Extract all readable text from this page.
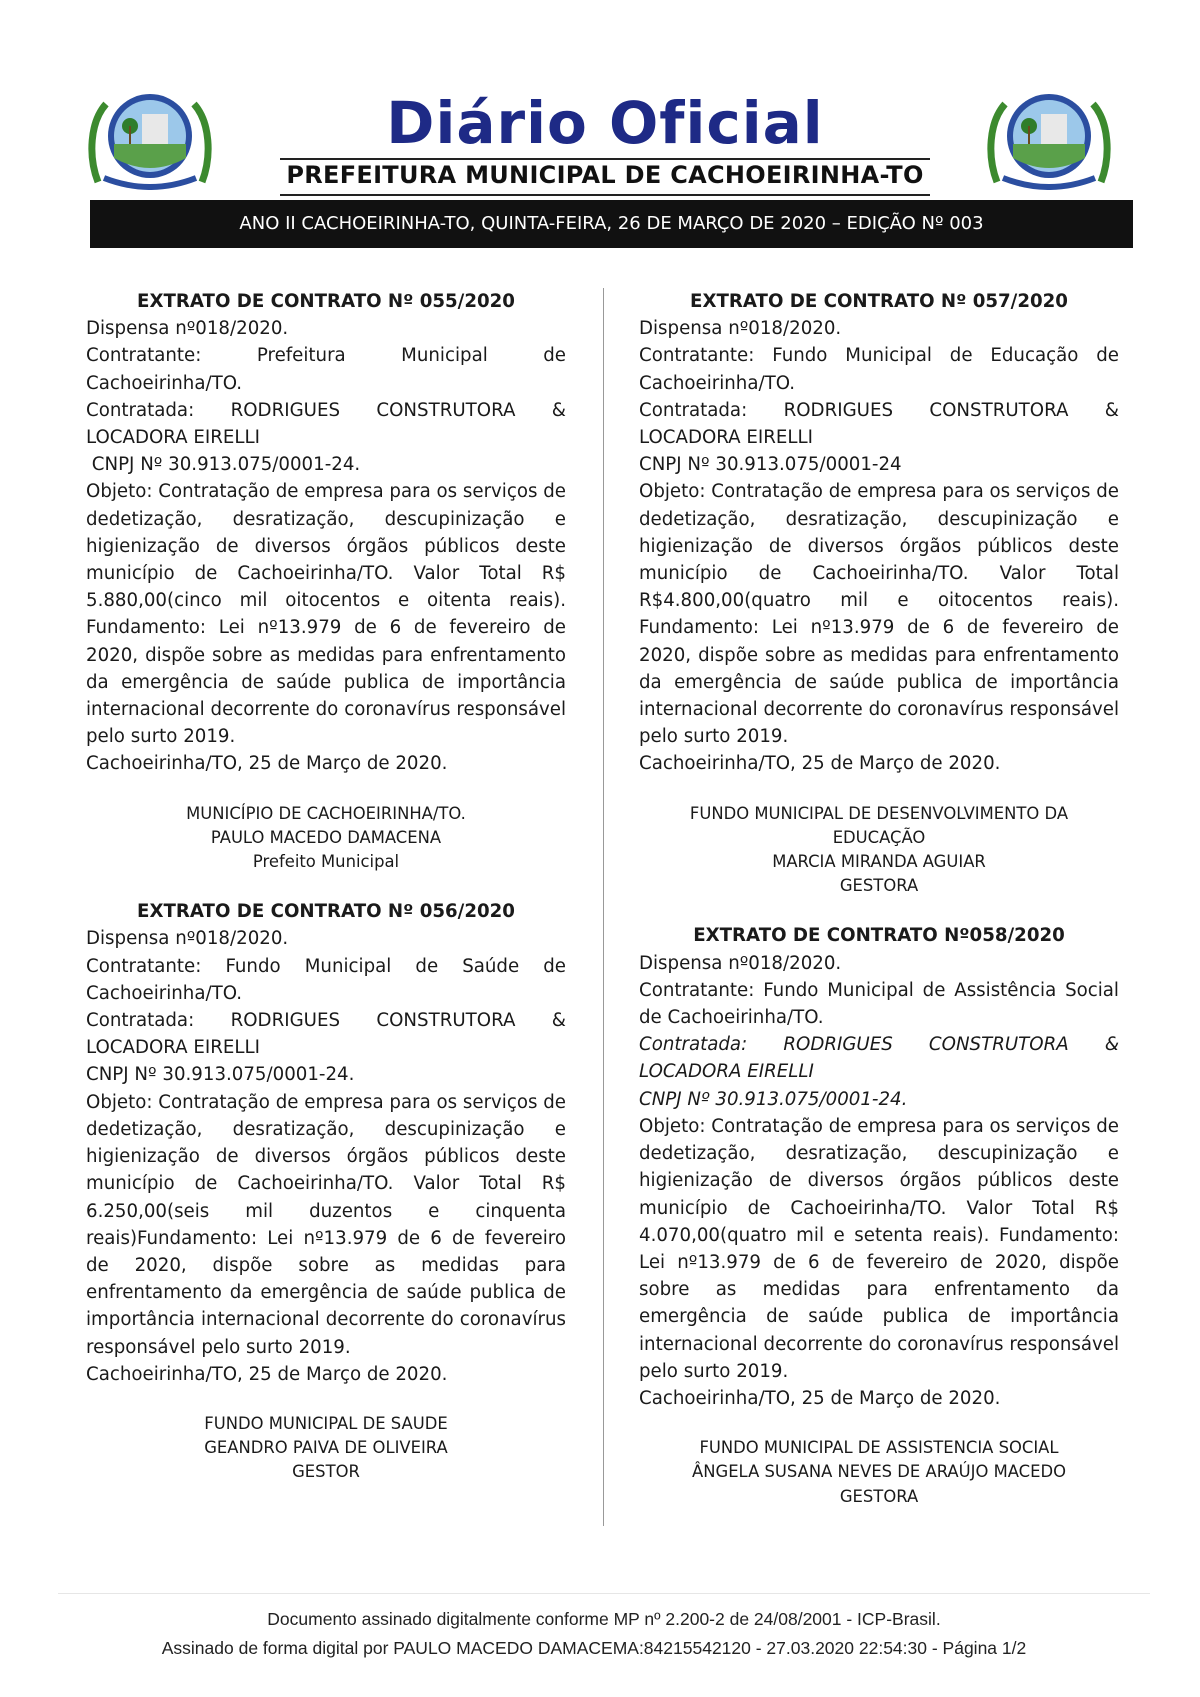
Diário Oficial
PREFEITURA MUNICIPAL DE CACHOEIRINHA-TO
ANO II CACHOEIRINHA-TO, QUINTA-FEIRA, 26 DE MARÇO DE 2020 – EDIÇÃO Nº 003
EXTRATO DE CONTRATO Nº 055/2020

Dispensa nº018/2020.

Contratante: Prefeitura Municipal de
Cachoeirinha/TO.

Contratada: RODRIGUES CONSTRUTORA &
LOCADORA EIRELLI

CNPJ Nº 30.913.075/0001-24.

Objeto: Contratação de empresa para os serviços de dedetização, desratização, descupinização e higienização de diversos órgãos públicos deste município de Cachoeirinha/TO. Valor Total R$ 5.880,00(cinco mil oitocentos e oitenta reais). Fundamento: Lei nº13.979 de 6 de fevereiro de 2020, dispõe sobre as medidas para enfrentamento da emergência de saúde publica de importância internacional decorrente do coronavírus responsável pelo surto 2019.

Cachoeirinha/TO, 25 de Março de 2020.

MUNICÍPIO DE CACHOEIRINHA/TO.
PAULO MACEDO DAMACENA
Prefeito Municipal
EXTRATO DE CONTRATO Nº 056/2020

Dispensa nº018/2020.

Contratante: Fundo Municipal de Saúde de
Cachoeirinha/TO.

Contratada: RODRIGUES CONSTRUTORA &
LOCADORA EIRELLI

CNPJ Nº 30.913.075/0001-24.

Objeto: Contratação de empresa para os serviços de dedetização, desratização, descupinização e higienização de diversos órgãos públicos deste município de Cachoeirinha/TO. Valor Total R$ 6.250,00(seis mil duzentos e cinquenta reais)Fundamento: Lei nº13.979 de 6 de fevereiro de 2020, dispõe sobre as medidas para enfrentamento da emergência de saúde publica de importância internacional decorrente do coronavírus responsável pelo surto 2019.

Cachoeirinha/TO, 25 de Março de 2020.

FUNDO MUNICIPAL DE SAUDE
GEANDRO PAIVA DE OLIVEIRA
GESTOR
EXTRATO DE CONTRATO Nº 057/2020

Dispensa nº018/2020.

Contratante: Fundo Municipal de Educação de
Cachoeirinha/TO.

Contratada: RODRIGUES CONSTRUTORA &
LOCADORA EIRELLI

CNPJ Nº 30.913.075/0001-24

Objeto: Contratação de empresa para os serviços de dedetização, desratização, descupinização e higienização de diversos órgãos públicos deste município de Cachoeirinha/TO. Valor Total R$4.800,00(quatro mil e oitocentos reais). Fundamento: Lei nº13.979 de 6 de fevereiro de 2020, dispõe sobre as medidas para enfrentamento da emergência de saúde publica de importância internacional decorrente do coronavírus responsável pelo surto 2019.

Cachoeirinha/TO, 25 de Março de 2020.

FUNDO MUNICIPAL DE DESENVOLVIMENTO DA
EDUCAÇÃO
MARCIA MIRANDA AGUIAR
GESTORA
EXTRATO DE CONTRATO Nº058/2020

Dispensa nº018/2020.

Contratante: Fundo Municipal de Assistência Social
de Cachoeirinha/TO.

Contratada: RODRIGUES CONSTRUTORA &
LOCADORA EIRELLI

CNPJ Nº 30.913.075/0001-24.

Objeto: Contratação de empresa para os serviços de dedetização, desratização, descupinização e higienização de diversos órgãos públicos deste município de Cachoeirinha/TO. Valor Total R$ 4.070,00(quatro mil e setenta reais). Fundamento: Lei nº13.979 de 6 de fevereiro de 2020, dispõe sobre as medidas para enfrentamento da emergência de saúde publica de importância internacional decorrente do coronavírus responsável pelo surto 2019.

Cachoeirinha/TO, 25 de Março de 2020.

FUNDO MUNICIPAL DE ASSISTENCIA SOCIAL
ÂNGELA SUSANA NEVES DE ARAÚJO MACEDO
GESTORA
Documento assinado digitalmente conforme MP nº 2.200-2 de 24/08/2001 - ICP-Brasil.
Assinado de forma digital por PAULO MACEDO DAMACEMA:84215542120 - 27.03.2020 22:54:30 - Página 1/2
